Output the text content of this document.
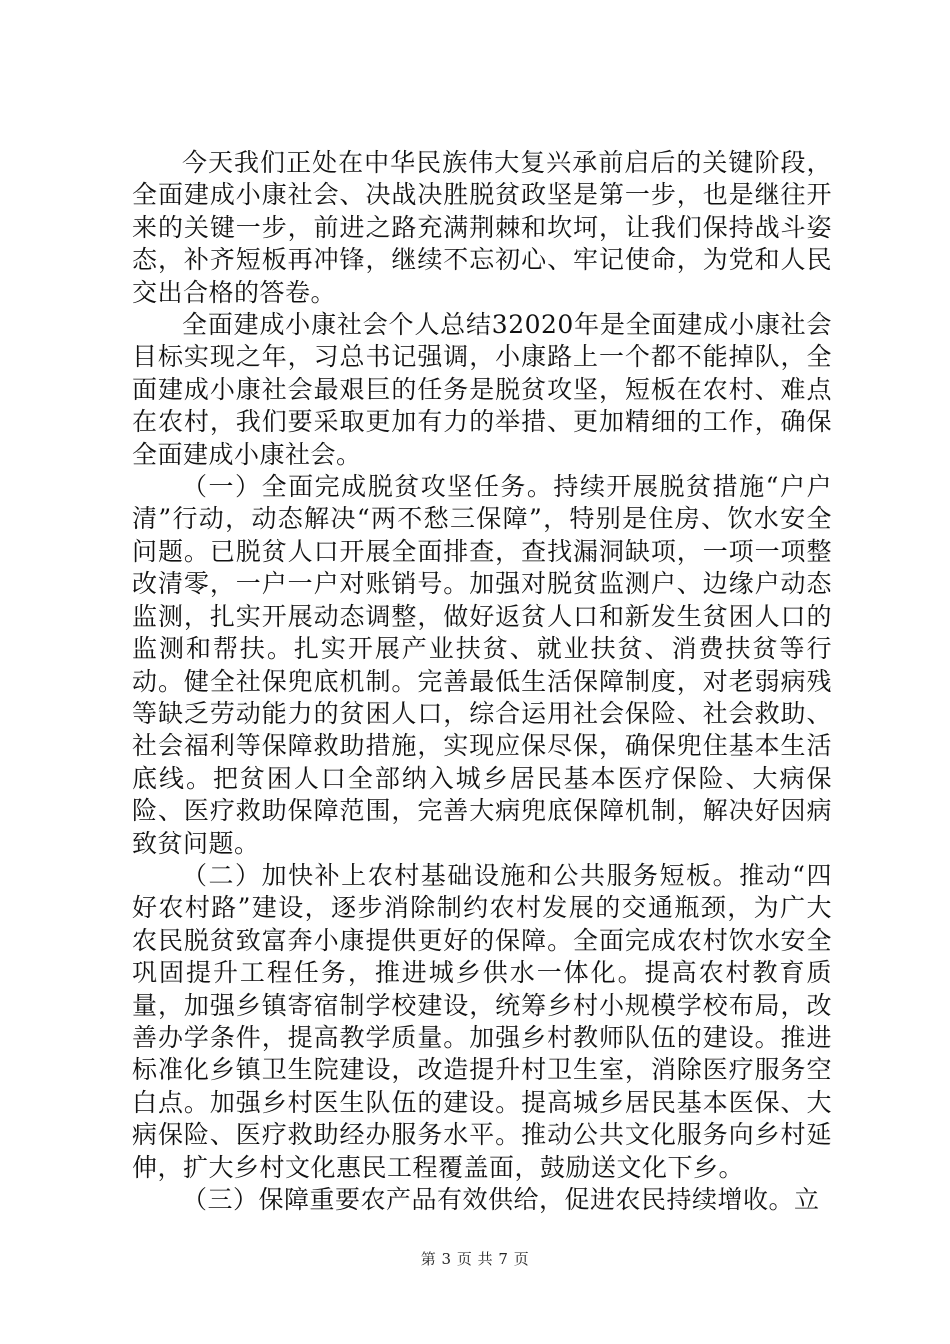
今天我们正处在中华民族伟大复兴承前启后的关键阶段，全面建成小康社会、决战决胜脱贫政坚是第一步，也是继往开来的关键一步，前进之路充满荆棘和坎坷，让我们保持战斗姿态，补齐短板再冲锋，继续不忘初心、牢记使命，为党和人民交出合格的答卷。

全面建成小康社会个人总结32020年是全面建成小康社会目标实现之年，习总书记强调，小康路上一个都不能掉队，全面建成小康社会最艰巨的任务是脱贫攻坚，短板在农村、难点在农村，我们要采取更加有力的举措、更加精细的工作，确保全面建成小康社会。

（一）全面完成脱贫攻坚任务。持续开展脱贫措施“户户清”行动，动态解决“两不愁三保障”，特别是住房、饮水安全问题。已脱贫人口开展全面排查，查找漏洞缺项，一项一项整改清零，一户一户对账销号。加强对脱贫监测户、边缘户动态监测，扎实开展动态调整，做好返贫人口和新发生贫困人口的监测和帮扶。扎实开展产业扶贫、就业扶贫、消费扶贫等行动。健全社保兜底机制。完善最低生活保障制度，对老弱病残等缺乏劳动能力的贫困人口，综合运用社会保险、社会救助、社会福利等保障救助措施，实现应保尽保，确保兜住基本生活底线。把贫困人口全部纳入城乡居民基本医疗保险、大病保险、医疗救助保障范围，完善大病兜底保障机制，解决好因病致贫问题。

（二）加快补上农村基础设施和公共服务短板。推动“四好农村路”建设，逐步消除制约农村发展的交通瓶颈，为广大农民脱贫致富奔小康提供更好的保障。全面完成农村饮水安全巩固提升工程任务，推进城乡供水一体化。提高农村教育质量，加强乡镇寄宿制学校建设，统筹乡村小规模学校布局，改善办学条件，提高教学质量。加强乡村教师队伍的建设。推进标准化乡镇卫生院建设，改造提升村卫生室，消除医疗服务空白点。加强乡村医生队伍的建设。提高城乡居民基本医保、大病保险、医疗救助经办服务水平。推动公共文化服务向乡村延伸，扩大乡村文化惠民工程覆盖面，鼓励送文化下乡。

（三）保障重要农产品有效供给，促进农民持续增收。立

第 3 页 共 7 页
